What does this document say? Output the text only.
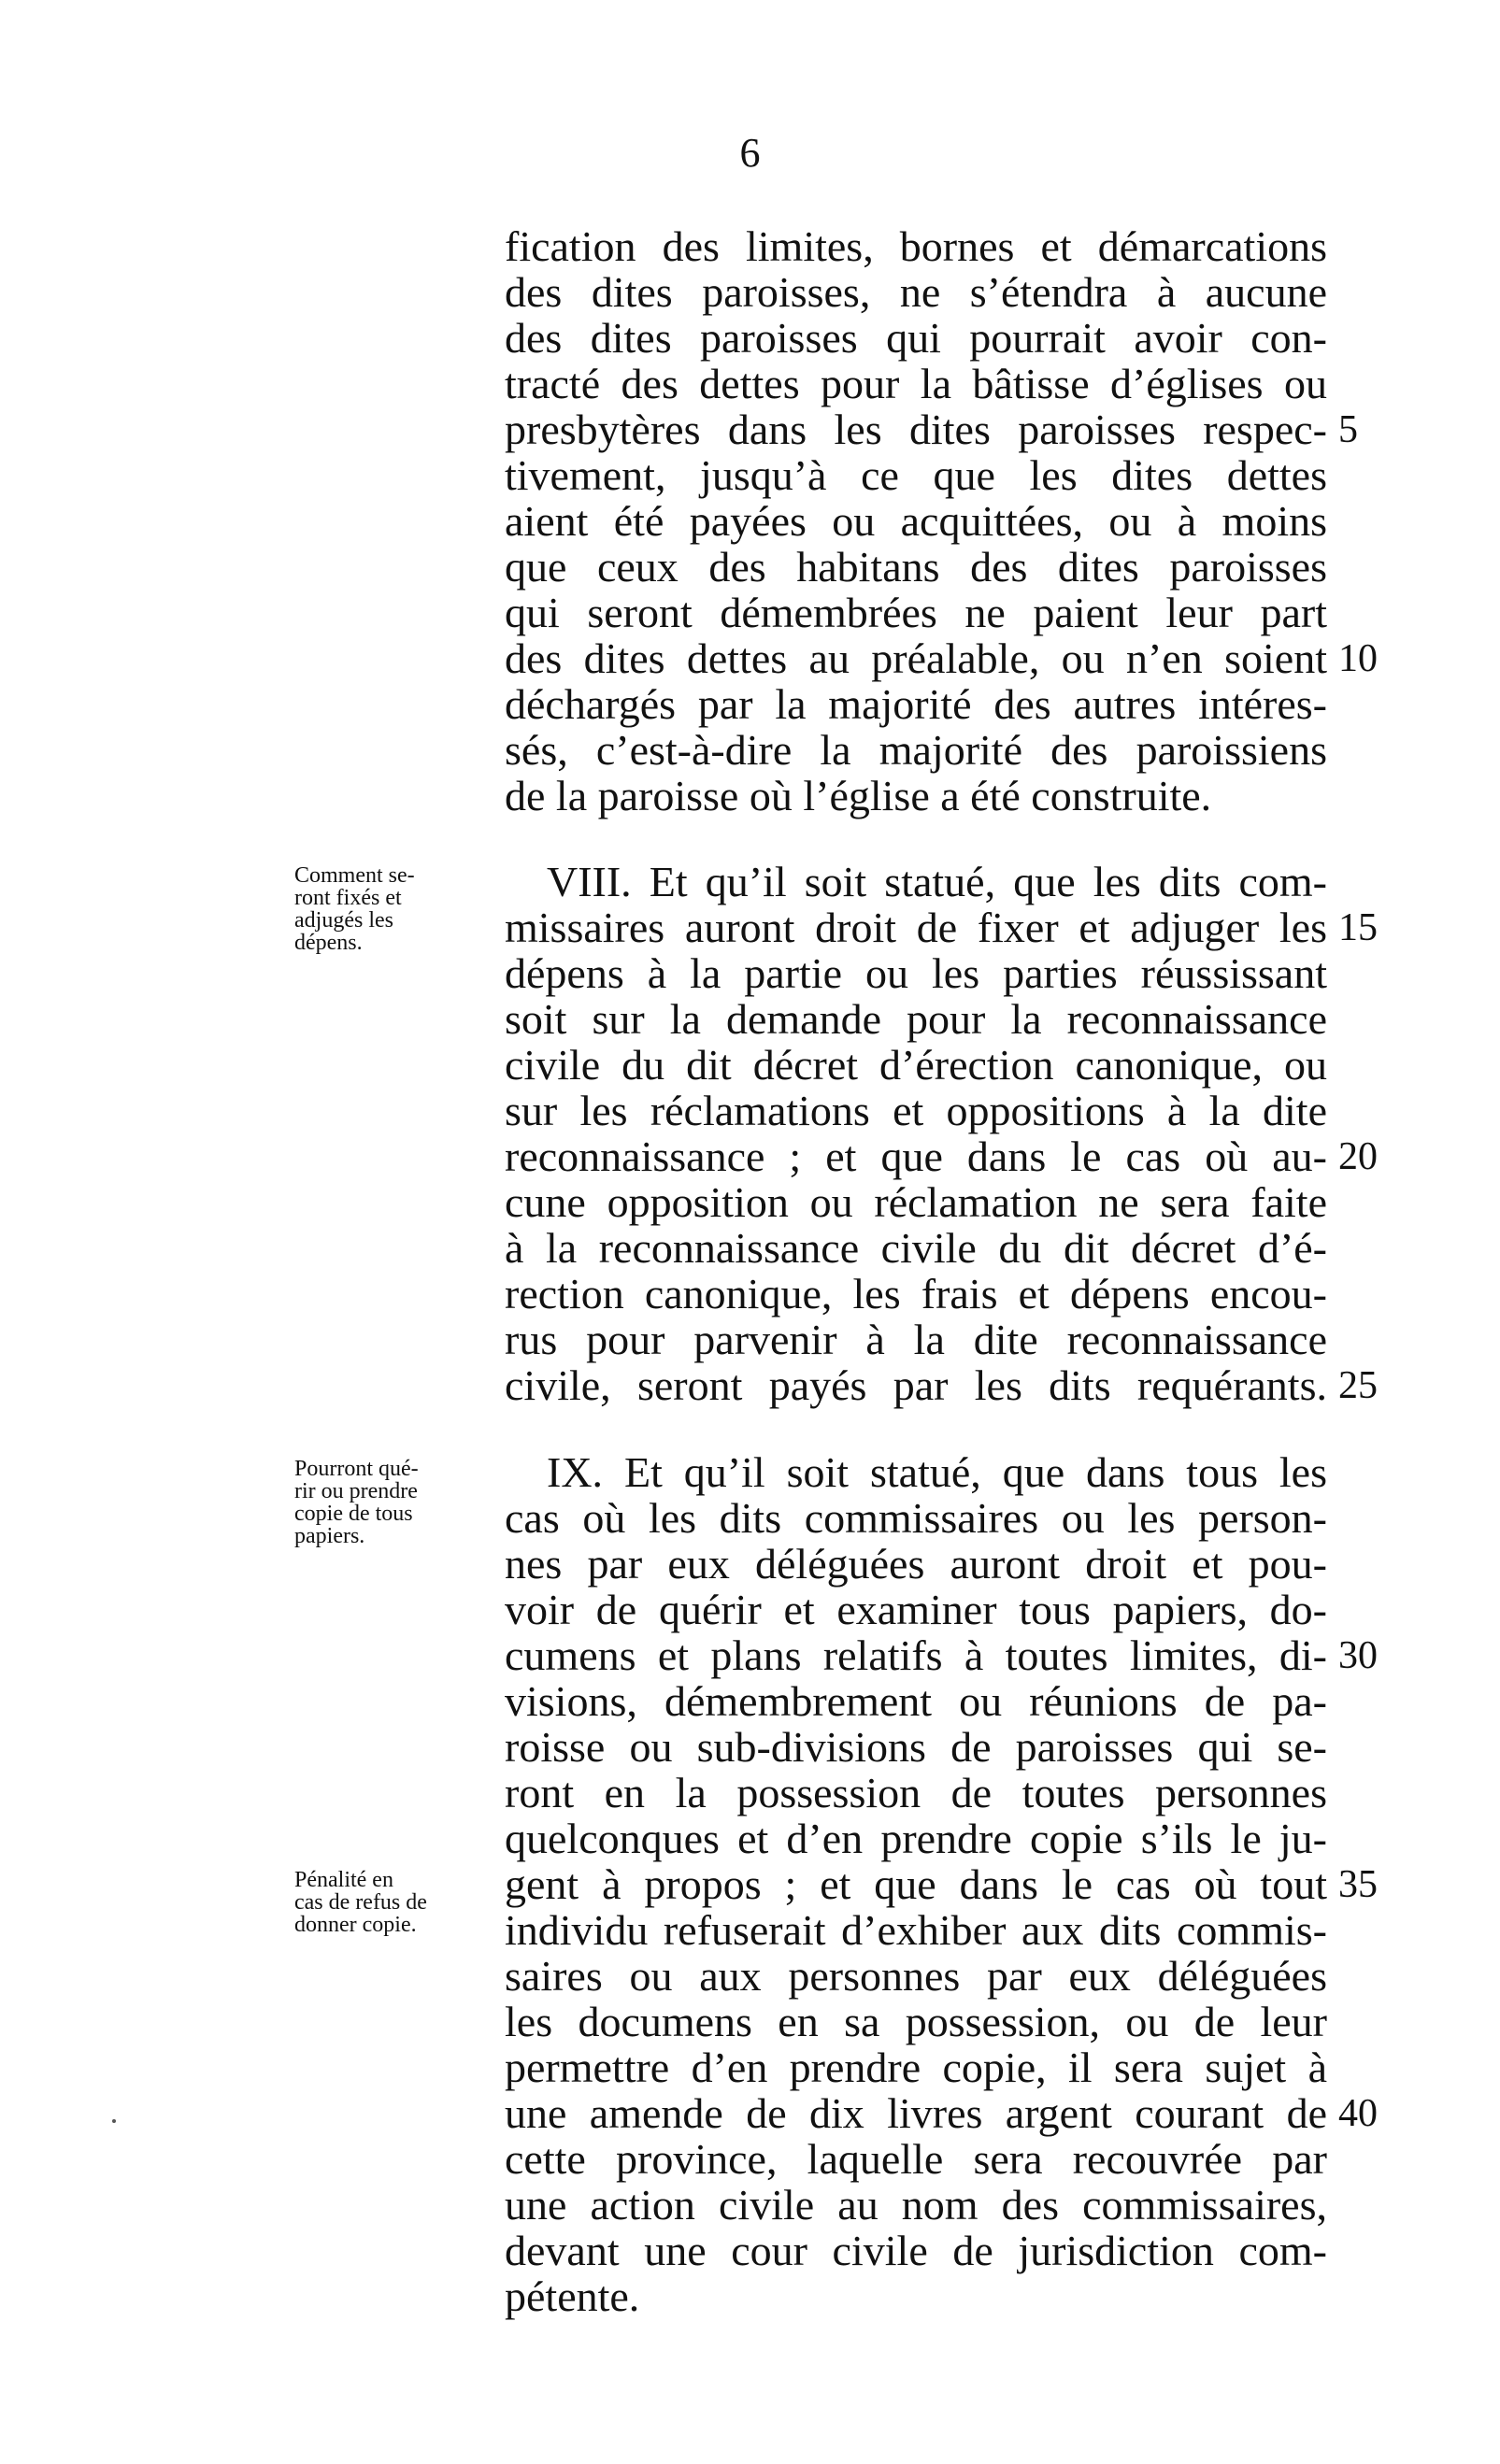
6
fication des limites, bornes et démarcations
des dites paroisses, ne s’étendra à aucune
des dites paroisses qui pourrait avoir con-
tracté des dettes pour la bâtisse d’églises ou
presbytères dans les dites paroisses respec-
tivement, jusqu’à ce que les dites dettes
aient été payées ou acquittées, ou à moins
que ceux des habitans des dites paroisses
qui seront démembrées ne paient leur part
des dites dettes au préalable, ou n’en soient
déchargés par la majorité des autres intéres-
sés, c’est-à-dire la majorité des paroissiens
de la paroisse où l’église a été construite.
VIII. Et qu’il soit statué, que les dits com-
missaires auront droit de fixer et adjuger les
dépens à la partie ou les parties réussissant
soit sur la demande pour la reconnaissance
civile du dit décret d’érection canonique, ou
sur les réclamations et oppositions à la dite
reconnaissance ; et que dans le cas où au-
cune opposition ou réclamation ne sera faite
à la reconnaissance civile du dit décret d’é-
rection canonique, les frais et dépens encou-
rus pour parvenir à la dite reconnaissance
civile, seront payés par les dits requérants.
IX. Et qu’il soit statué, que dans tous les
cas où les dits commissaires ou les person-
nes par eux déléguées auront droit et pou-
voir de quérir et examiner tous papiers, do-
cumens et plans relatifs à toutes limites, di-
visions, démembrement ou réunions de pa-
roisse ou sub-divisions de paroisses qui se-
ront en la possession de toutes personnes
quelconques et d’en prendre copie s’ils le ju-
gent à propos ; et que dans le cas où tout
individu refuserait d’exhiber aux dits commis-
saires ou aux personnes par eux déléguées
les documens en sa possession, ou de leur
permettre d’en prendre copie, il sera sujet à
une amende de dix livres argent courant de
cette province, laquelle sera recouvrée par
une action civile au nom des commissaires,
devant une cour civile de jurisdiction com-
pétente.
5
10
15
20
25
30
35
40
Comment se-
ront fixés et
adjugés les
dépens.
Pourront qué-
rir ou prendre
copie de tous
papiers.
Pénalité en
cas de refus de
donner copie.
